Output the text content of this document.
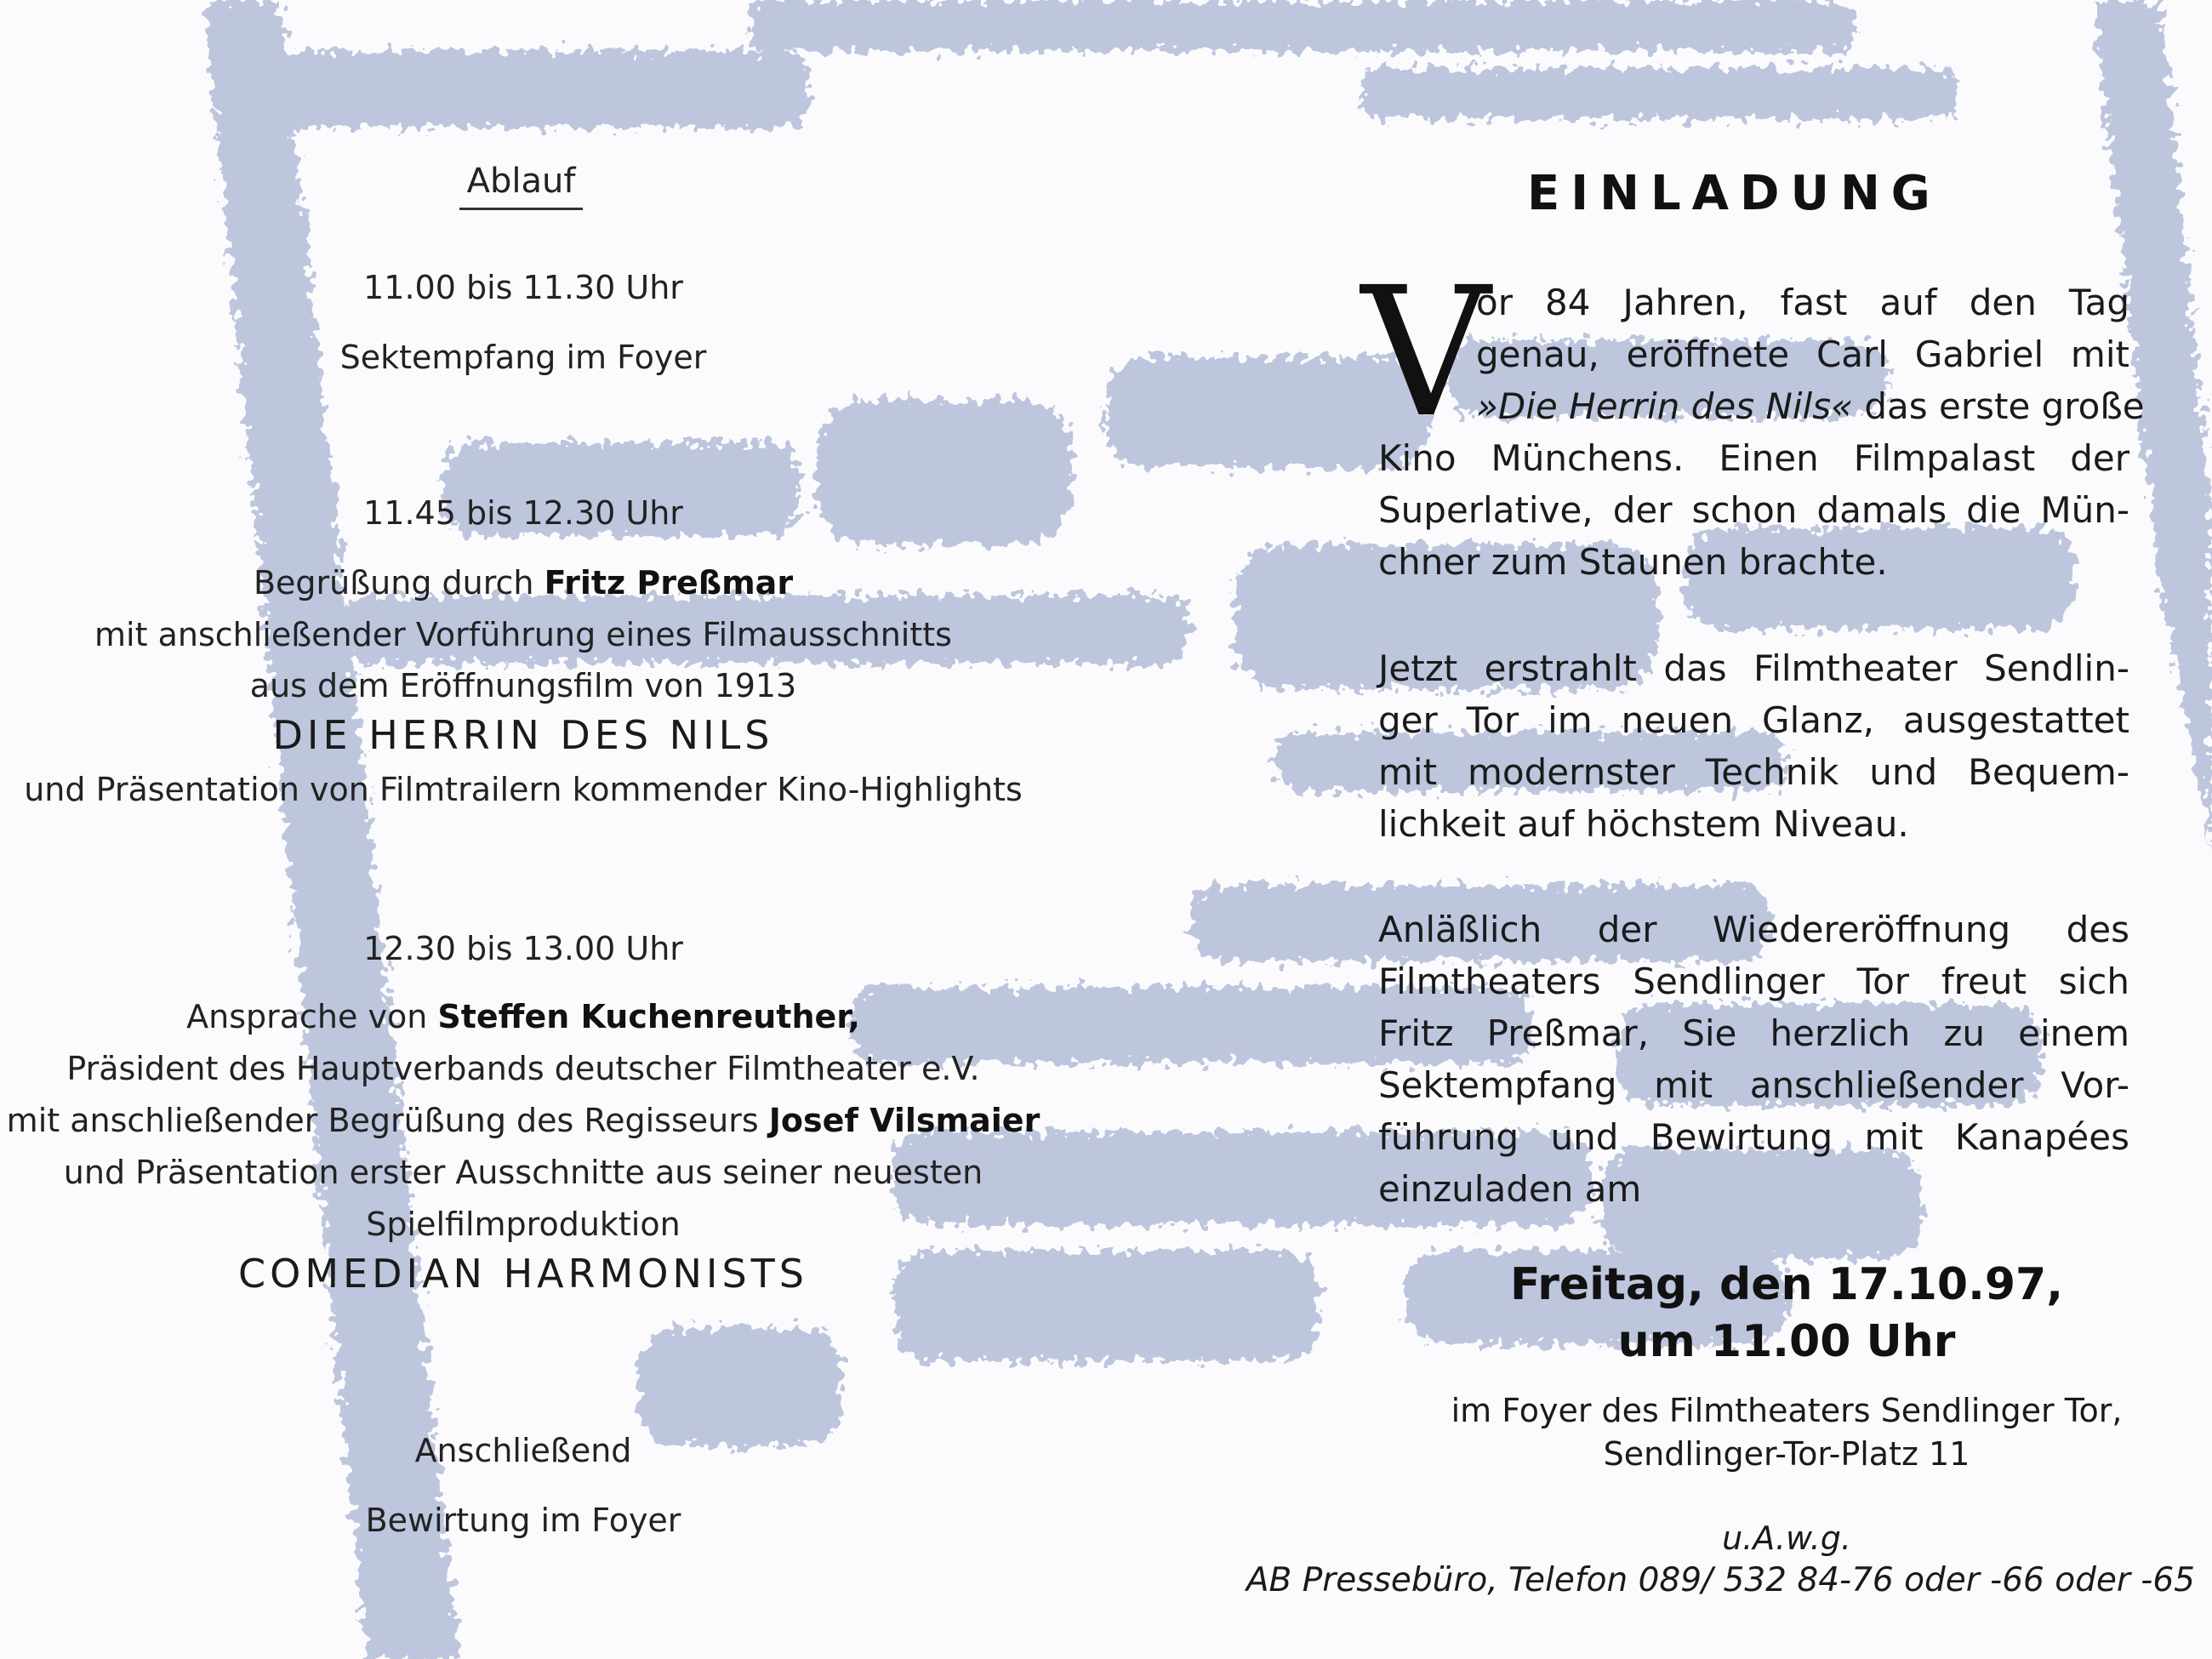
Ablauf
11.00 bis 11.30 Uhr
Sektempfang im Foyer
11.45 bis 12.30 Uhr
Begrüßung durch Fritz Preßmar
mit anschließender Vorführung eines Filmausschnitts
aus dem Eröffnungsfilm von 1913
DIE HERRIN DES NILS
und Präsentation von Filmtrailern kommender Kino-Highlights
12.30 bis 13.00 Uhr
Ansprache von Steffen Kuchenreuther,
Präsident des Hauptverbands deutscher Filmtheater e.V.
mit anschließender Begrüßung des Regisseurs Josef Vilsmaier
und Präsentation erster Ausschnitte aus seiner neuesten
Spielfilmproduktion
COMEDIAN HARMONISTS
Anschließend
Bewirtung im Foyer
EINLADUNG
V
or 84 Jahren, fast auf den Tag
genau, eröffnete Carl Gabriel mit
»Die Herrin des Nils« das erste große
Kino Münchens. Einen Filmpalast der
Superlative, der schon damals die Mün-
chner zum Staunen brachte.
Jetzt erstrahlt das Filmtheater Sendlin-
ger Tor im neuen Glanz, ausgestattet
mit modernster Technik und Bequem-
lichkeit auf höchstem Niveau.
Anläßlich der Wiedereröffnung des
Filmtheaters Sendlinger Tor freut sich
Fritz Preßmar, Sie herzlich zu einem
Sektempfang mit anschließender Vor-
führung und Bewirtung mit Kanapées
einzuladen am
Freitag, den 17.10.97,
um 11.00 Uhr
im Foyer des Filmtheaters Sendlinger Tor,
Sendlinger-Tor-Platz 11
u.A.w.g.
AB Pressebüro, Telefon 089/ 532 84-76 oder -66 oder -65
